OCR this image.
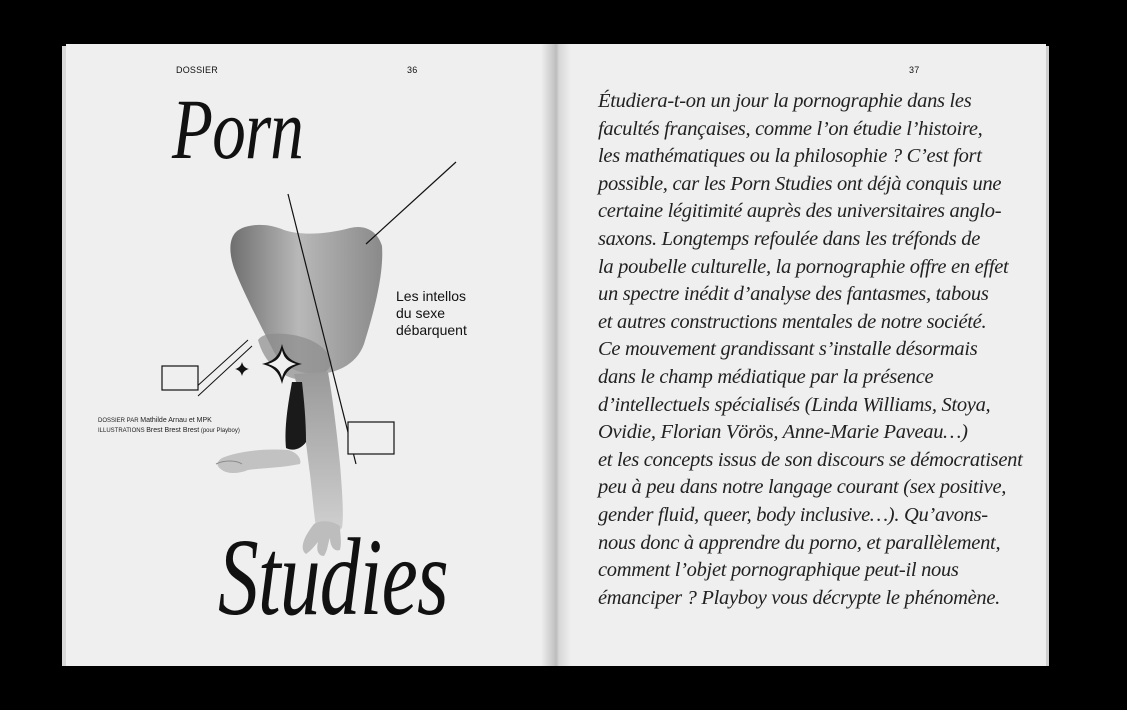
DOSSIER	36
Porn
Les intellos
du sexe
débarquent
DOSSIER PAR Mathilde Arnau et MPK
ILLUSTRATIONS Brest Brest Brest (pour Playboy)
Studies
37
Étudiera-t-on un jour la pornographie dans les
facultés françaises, comme l’on étudie l’histoire,
les mathématiques ou la philosophie ? C’est fort
possible, car les Porn Studies ont déjà conquis une
certaine légitimité auprès des universitaires anglo-
saxons. Longtemps refoulée dans les tréfonds de
la poubelle culturelle, la pornographie offre en effet
un spectre inédit d’analyse des fantasmes, tabous
et autres constructions mentales de notre société.
Ce mouvement grandissant s’installe désormais
dans le champ médiatique par la présence
d’intellectuels spécialisés (Linda Williams, Stoya,
Ovidie, Florian Vörös, Anne-Marie Paveau…)
et les concepts issus de son discours se démocratisent
peu à peu dans notre langage courant (sex positive,
gender fluid, queer, body inclusive…). Qu’avons-
nous donc à apprendre du porno, et parallèlement,
comment l’objet pornographique peut-il nous
émanciper ? Playboy vous décrypte le phénomène.
